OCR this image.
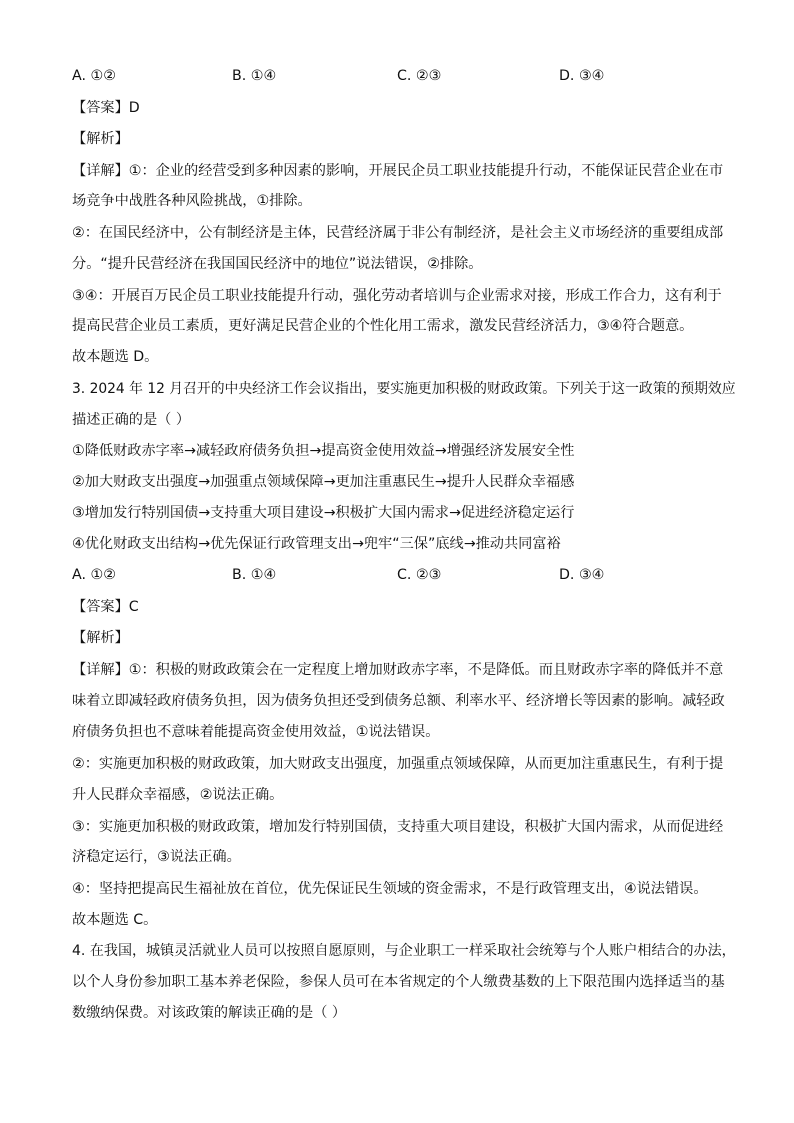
A. ①②	B. ①④	C. ②③	D. ③④
【答案】D
【解析】
【详解】①：企业的经营受到多种因素的影响，开展民企员工职业技能提升行动，不能保证民营企业在市
场竞争中战胜各种风险挑战，①排除。
②：在国民经济中，公有制经济是主体，民营经济属于非公有制经济，是社会主义市场经济的重要组成部
分。“提升民营经济在我国国民经济中的地位”说法错误，②排除。
③④：开展百万民企员工职业技能提升行动，强化劳动者培训与企业需求对接，形成工作合力，这有利于
提高民营企业员工素质，更好满足民营企业的个性化用工需求，激发民营经济活力，③④符合题意。
故本题选 D。
3. 2024 年 12 月召开的中央经济工作会议指出，要实施更加积极的财政政策。下列关于这一政策的预期效应
描述正确的是（ ）
①降低财政赤字率→减轻政府债务负担→提高资金使用效益→增强经济发展安全性
②加大财政支出强度→加强重点领域保障→更加注重惠民生→提升人民群众幸福感
③增加发行特别国债→支持重大项目建设→积极扩大国内需求→促进经济稳定运行
④优化财政支出结构→优先保证行政管理支出→兜牢“三保”底线→推动共同富裕
A. ①②	B. ①④	C. ②③	D. ③④
【答案】C
【解析】
【详解】①：积极的财政政策会在一定程度上增加财政赤字率，不是降低。而且财政赤字率的降低并不意
味着立即减轻政府债务负担，因为债务负担还受到债务总额、利率水平、经济增长等因素的影响。减轻政
府债务负担也不意味着能提高资金使用效益，①说法错误。
②：实施更加积极的财政政策，加大财政支出强度，加强重点领域保障，从而更加注重惠民生，有利于提
升人民群众幸福感，②说法正确。
③：实施更加积极的财政政策，增加发行特别国债，支持重大项目建设，积极扩大国内需求，从而促进经
济稳定运行，③说法正确。
④：坚持把提高民生福祉放在首位，优先保证民生领域的资金需求，不是行政管理支出，④说法错误。
故本题选 C。
4. 在我国，城镇灵活就业人员可以按照自愿原则，与企业职工一样采取社会统筹与个人账户相结合的办法，
以个人身份参加职工基本养老保险，参保人员可在本省规定的个人缴费基数的上下限范围内选择适当的基
数缴纳保费。对该政策的解读正确的是（ ）
